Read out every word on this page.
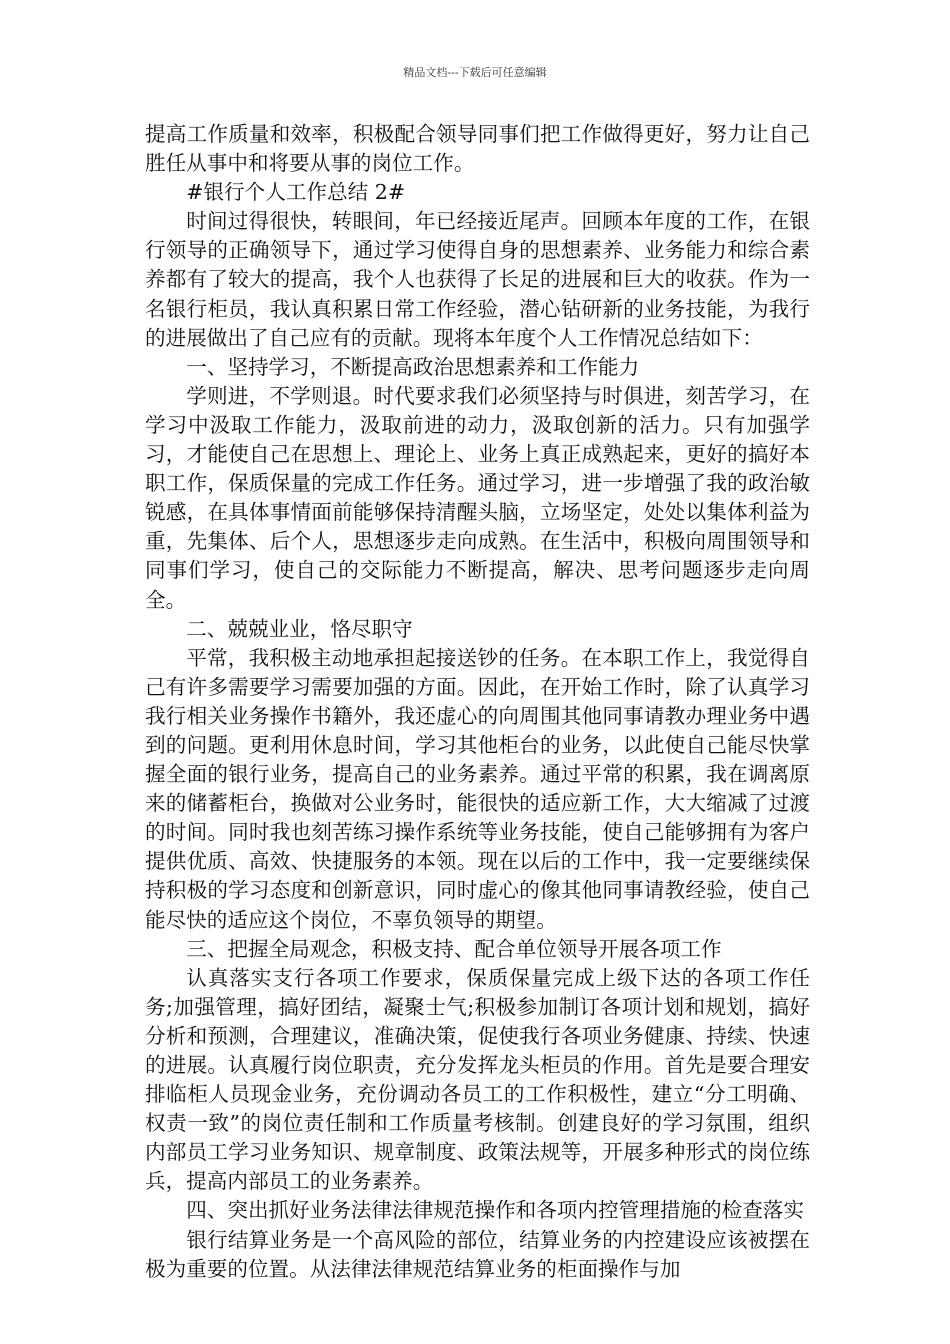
精品文档---下载后可任意编辑

提高工作质量和效率，积极配合领导同事们把工作做得更好，努力让自己胜任从事中和将要从事的岗位工作。

#银行个人工作总结 2#

时间过得很快，转眼间，年已经接近尾声。回顾本年度的工作，在银行领导的正确领导下，通过学习使得自身的思想素养、业务能力和综合素养都有了较大的提高，我个人也获得了长足的进展和巨大的收获。作为一名银行柜员，我认真积累日常工作经验，潜心钻研新的业务技能，为我行的进展做出了自己应有的贡献。现将本年度个人工作情况总结如下：

一、坚持学习，不断提高政治思想素养和工作能力

学则进，不学则退。时代要求我们必须坚持与时俱进，刻苦学习，在学习中汲取工作能力，汲取前进的动力，汲取创新的活力。只有加强学习，才能使自己在思想上、理论上、业务上真正成熟起来，更好的搞好本职工作，保质保量的完成工作任务。通过学习，进一步增强了我的政治敏锐感，在具体事情面前能够保持清醒头脑，立场坚定，处处以集体利益为重，先集体、后个人，思想逐步走向成熟。在生活中，积极向周围领导和同事们学习，使自己的交际能力不断提高，解决、思考问题逐步走向周全。

二、兢兢业业，恪尽职守

平常，我积极主动地承担起接送钞的任务。在本职工作上，我觉得自己有许多需要学习需要加强的方面。因此，在开始工作时，除了认真学习我行相关业务操作书籍外，我还虚心的向周围其他同事请教办理业务中遇到的问题。更利用休息时间，学习其他柜台的业务，以此使自己能尽快掌握全面的银行业务，提高自己的业务素养。通过平常的积累，我在调离原来的储蓄柜台，换做对公业务时，能很快的适应新工作，大大缩减了过渡的时间。同时我也刻苦练习操作系统等业务技能，使自己能够拥有为客户提供优质、高效、快捷服务的本领。现在以后的工作中，我一定要继续保持积极的学习态度和创新意识，同时虚心的像其他同事请教经验，使自己能尽快的适应这个岗位，不辜负领导的期望。

三、把握全局观念，积极支持、配合单位领导开展各项工作

认真落实支行各项工作要求，保质保量完成上级下达的各项工作任务;加强管理，搞好团结，凝聚士气;积极参加制订各项计划和规划，搞好分析和预测，合理建议，准确决策，促使我行各项业务健康、持续、快速的进展。认真履行岗位职责，充分发挥龙头柜员的作用。首先是要合理安排临柜人员现金业务，充份调动各员工的工作积极性，建立“分工明确、权责一致”的岗位责任制和工作质量考核制。创建良好的学习氛围，组织内部员工学习业务知识、规章制度、政策法规等，开展多种形式的岗位练兵，提高内部员工的业务素养。

四、突出抓好业务法律法律规范操作和各项内控管理措施的检查落实

银行结算业务是一个高风险的部位，结算业务的内控建设应该被摆在极为重要的位置。从法律法律规范结算业务的柜面操作与加
